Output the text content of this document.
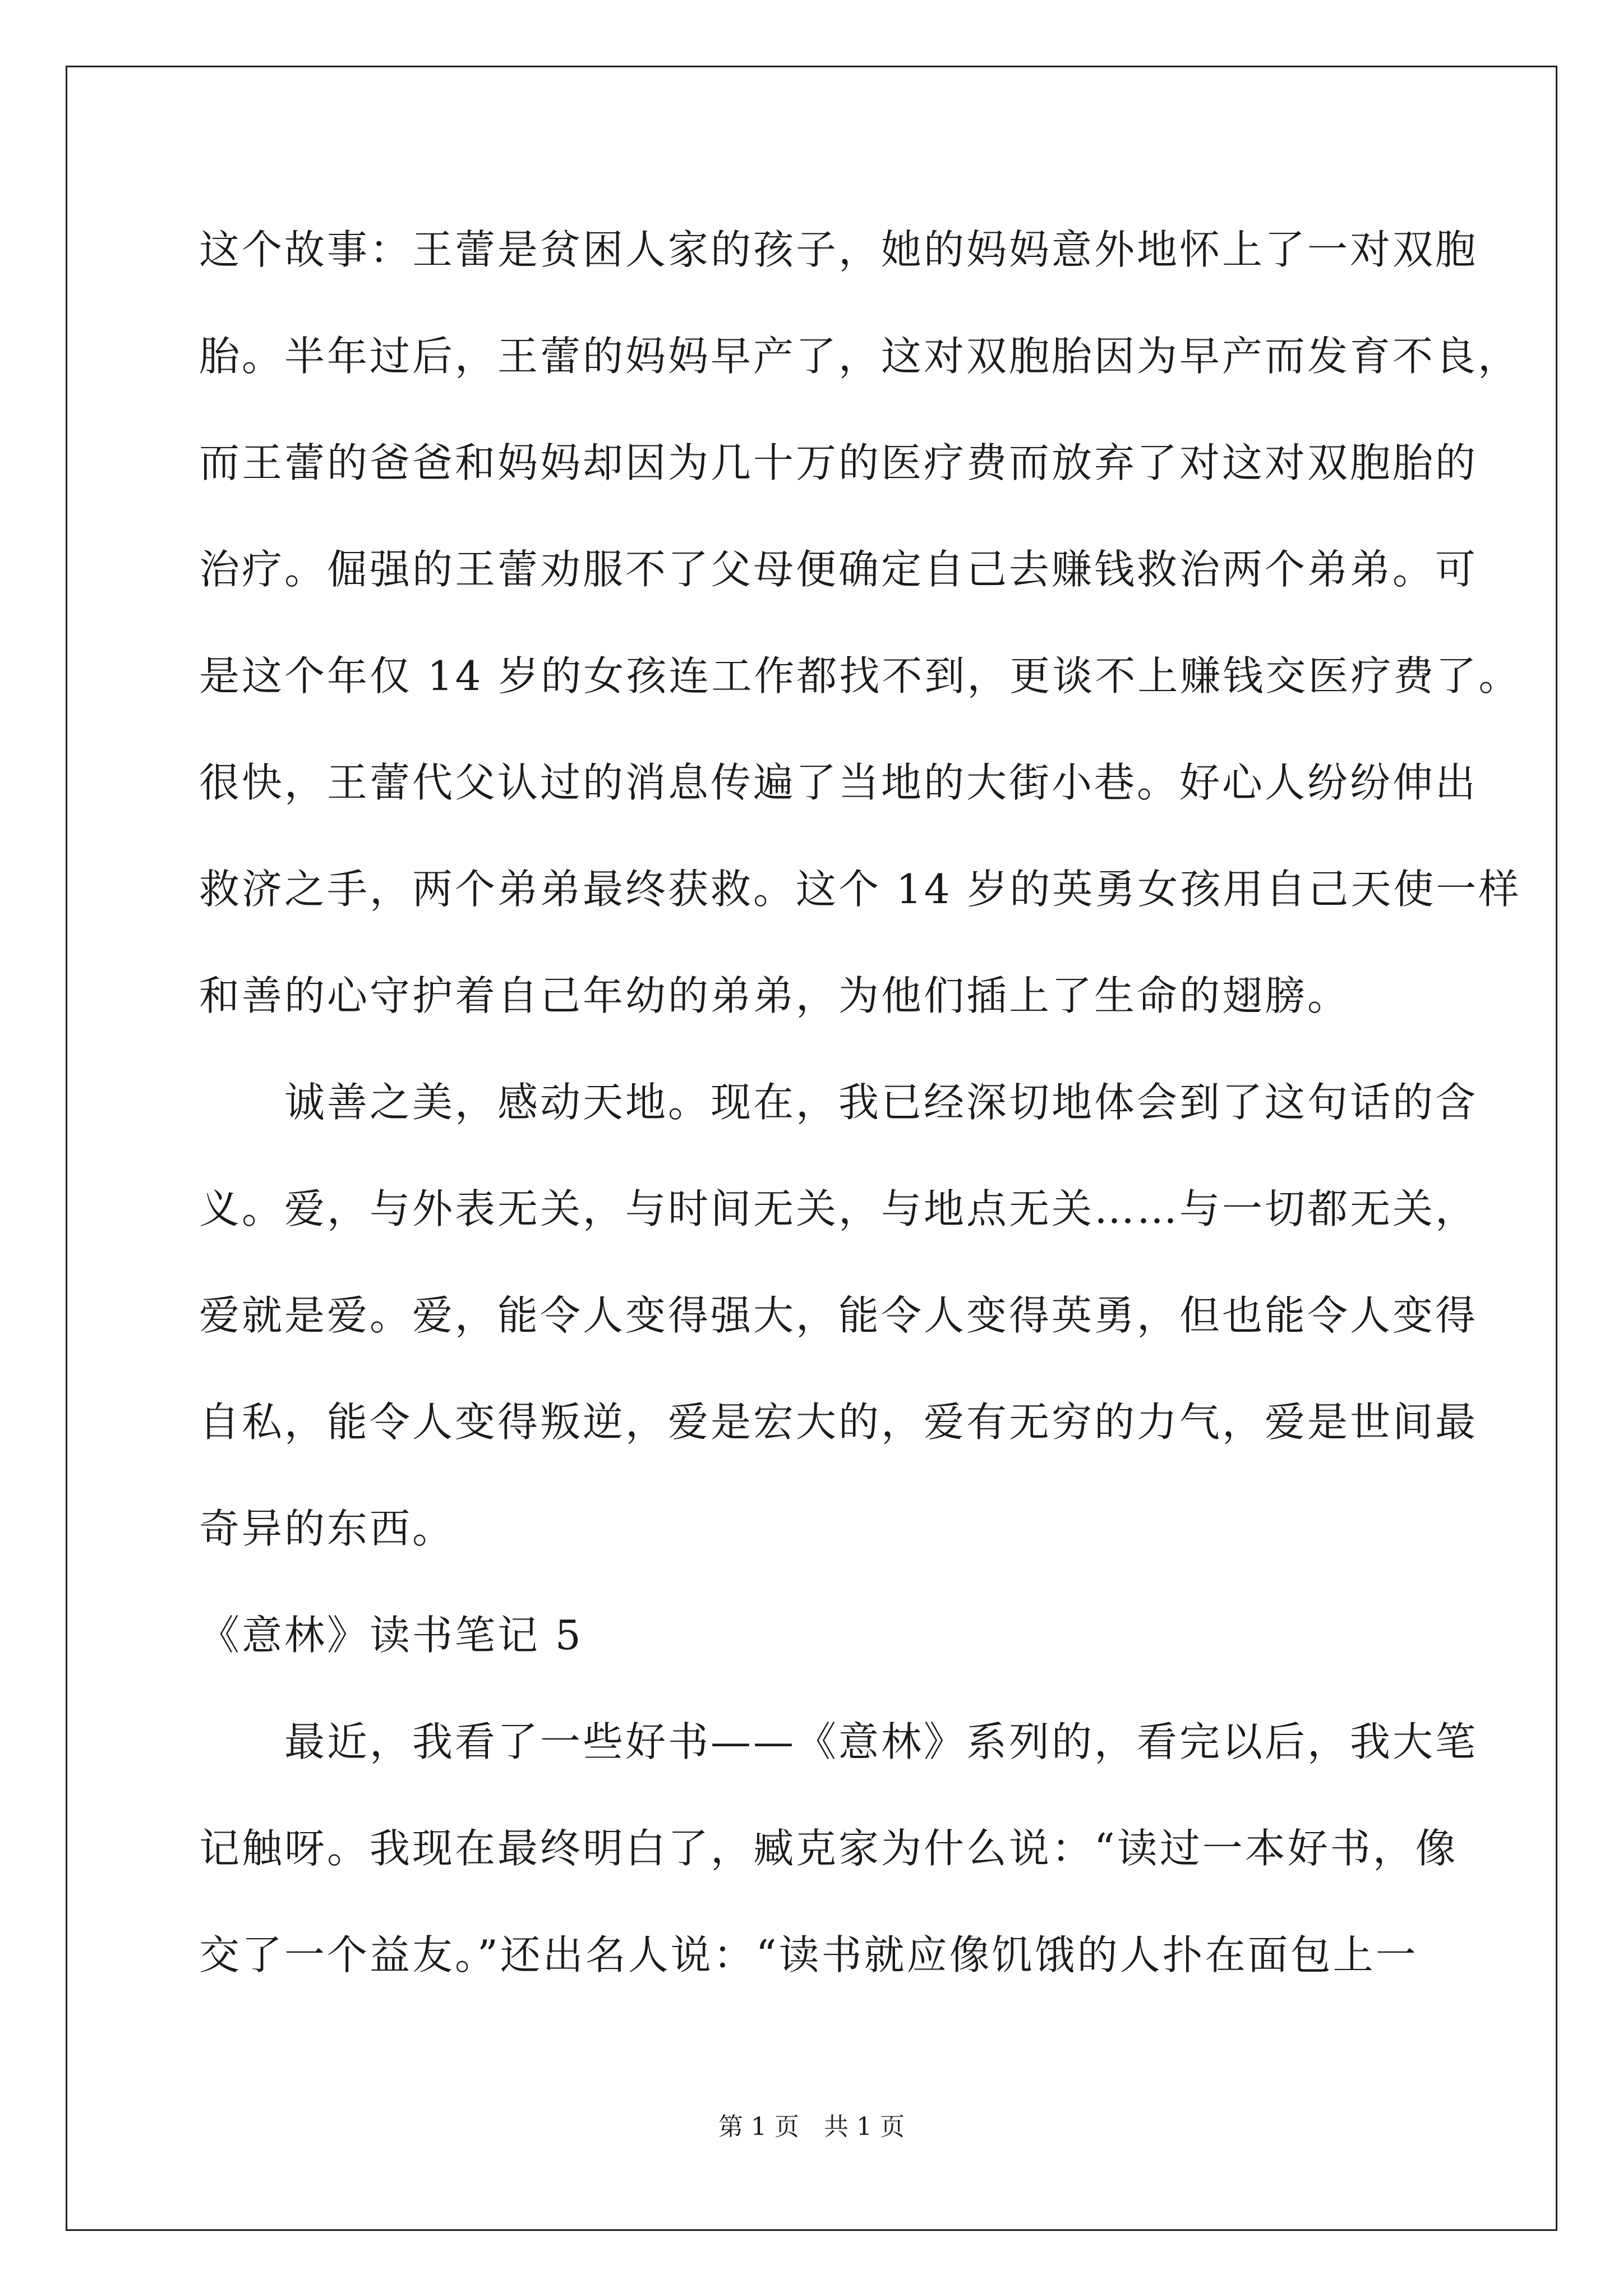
这个故事：王蕾是贫困人家的孩子，她的妈妈意外地怀上了一对双胞
胎。半年过后，王蕾的妈妈早产了，这对双胞胎因为早产而发育不良，
而王蕾的爸爸和妈妈却因为几十万的医疗费而放弃了对这对双胞胎的
治疗。倔强的王蕾劝服不了父母便确定自己去赚钱救治两个弟弟。可
是这个年仅 14 岁的女孩连工作都找不到，更谈不上赚钱交医疗费了。
很快，王蕾代父认过的消息传遍了当地的大街小巷。好心人纷纷伸出
救济之手，两个弟弟最终获救。这个 14 岁的英勇女孩用自己天使一样
和善的心守护着自己年幼的弟弟，为他们插上了生命的翅膀。
诚善之美，感动天地。现在，我已经深切地体会到了这句话的含
义。爱，与外表无关，与时间无关，与地点无关……与一切都无关，
爱就是爱。爱，能令人变得强大，能令人变得英勇，但也能令人变得
自私，能令人变得叛逆，爱是宏大的，爱有无穷的力气，爱是世间最
奇异的东西。
《意林》读书笔记 5
最近，我看了一些好书——《意林》系列的，看完以后，我大笔
记触呀。我现在最终明白了，臧克家为什么说：“读过一本好书，像
交了一个益友。”还出名人说：“读书就应像饥饿的人扑在面包上一
第 1 页　共 1 页
